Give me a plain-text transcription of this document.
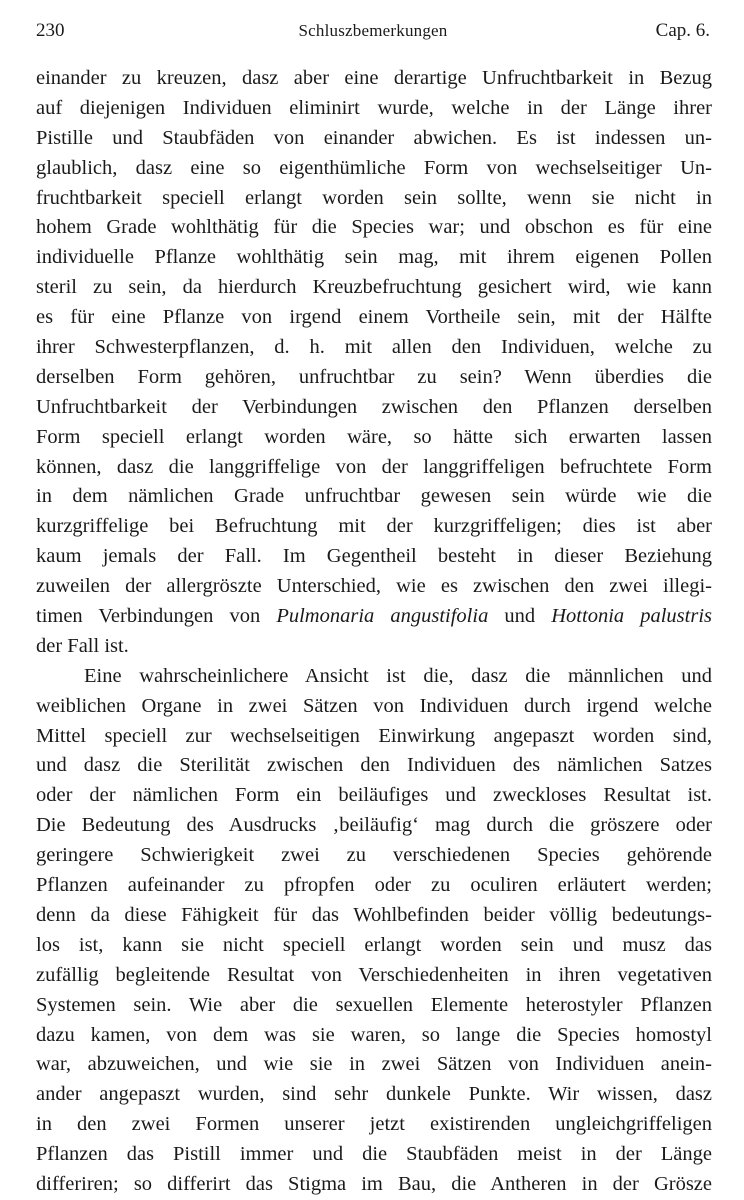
230	Schluszbemerkungen	Cap. 6.
einander zu kreuzen, dasz aber eine derartige Unfruchtbarkeit in Bezug
auf diejenigen Individuen eliminirt wurde, welche in der Länge ihrer
Pistille und Staubfäden von einander abwichen. Es ist indessen un-
glaublich, dasz eine so eigenthümliche Form von wechselseitiger Un-
fruchtbarkeit speciell erlangt worden sein sollte, wenn sie nicht in
hohem Grade wohlthätig für die Species war; und obschon es für eine
individuelle Pflanze wohlthätig sein mag, mit ihrem eigenen Pollen
steril zu sein, da hierdurch Kreuzbefruchtung gesichert wird, wie kann
es für eine Pflanze von irgend einem Vortheile sein, mit der Hälfte
ihrer Schwesterpflanzen, d. h. mit allen den Individuen, welche zu
derselben Form gehören, unfruchtbar zu sein? Wenn überdies die
Unfruchtbarkeit der Verbindungen zwischen den Pflanzen derselben
Form speciell erlangt worden wäre, so hätte sich erwarten lassen
können, dasz die langgriffelige von der langgriffeligen befruchtete Form
in dem nämlichen Grade unfruchtbar gewesen sein würde wie die
kurzgriffelige bei Befruchtung mit der kurzgriffeligen; dies ist aber
kaum jemals der Fall. Im Gegentheil besteht in dieser Beziehung
zuweilen der allergröszte Unterschied, wie es zwischen den zwei illegi-
timen Verbindungen von Pulmonaria angustifolia und Hottonia palustris
der Fall ist.
Eine wahrscheinlichere Ansicht ist die, dasz die männlichen und
weiblichen Organe in zwei Sätzen von Individuen durch irgend welche
Mittel speciell zur wechselseitigen Einwirkung angepaszt worden sind,
und dasz die Sterilität zwischen den Individuen des nämlichen Satzes
oder der nämlichen Form ein beiläufiges und zweckloses Resultat ist.
Die Bedeutung des Ausdrucks ‚beiläufig‘ mag durch die gröszere oder
geringere Schwierigkeit zwei zu verschiedenen Species gehörende
Pflanzen aufeinander zu pfropfen oder zu oculiren erläutert werden;
denn da diese Fähigkeit für das Wohlbefinden beider völlig bedeutungs-
los ist, kann sie nicht speciell erlangt worden sein und musz das
zufällig begleitende Resultat von Verschiedenheiten in ihren vegetativen
Systemen sein. Wie aber die sexuellen Elemente heterostyler Pflanzen
dazu kamen, von dem was sie waren, so lange die Species homostyl
war, abzuweichen, und wie sie in zwei Sätzen von Individuen anein-
ander angepaszt wurden, sind sehr dunkele Punkte. Wir wissen, dasz
in den zwei Formen unserer jetzt existirenden ungleichgriffeligen
Pflanzen das Pistill immer und die Staubfäden meist in der Länge
differiren; so differirt das Stigma im Bau, die Antheren in der Grösze
